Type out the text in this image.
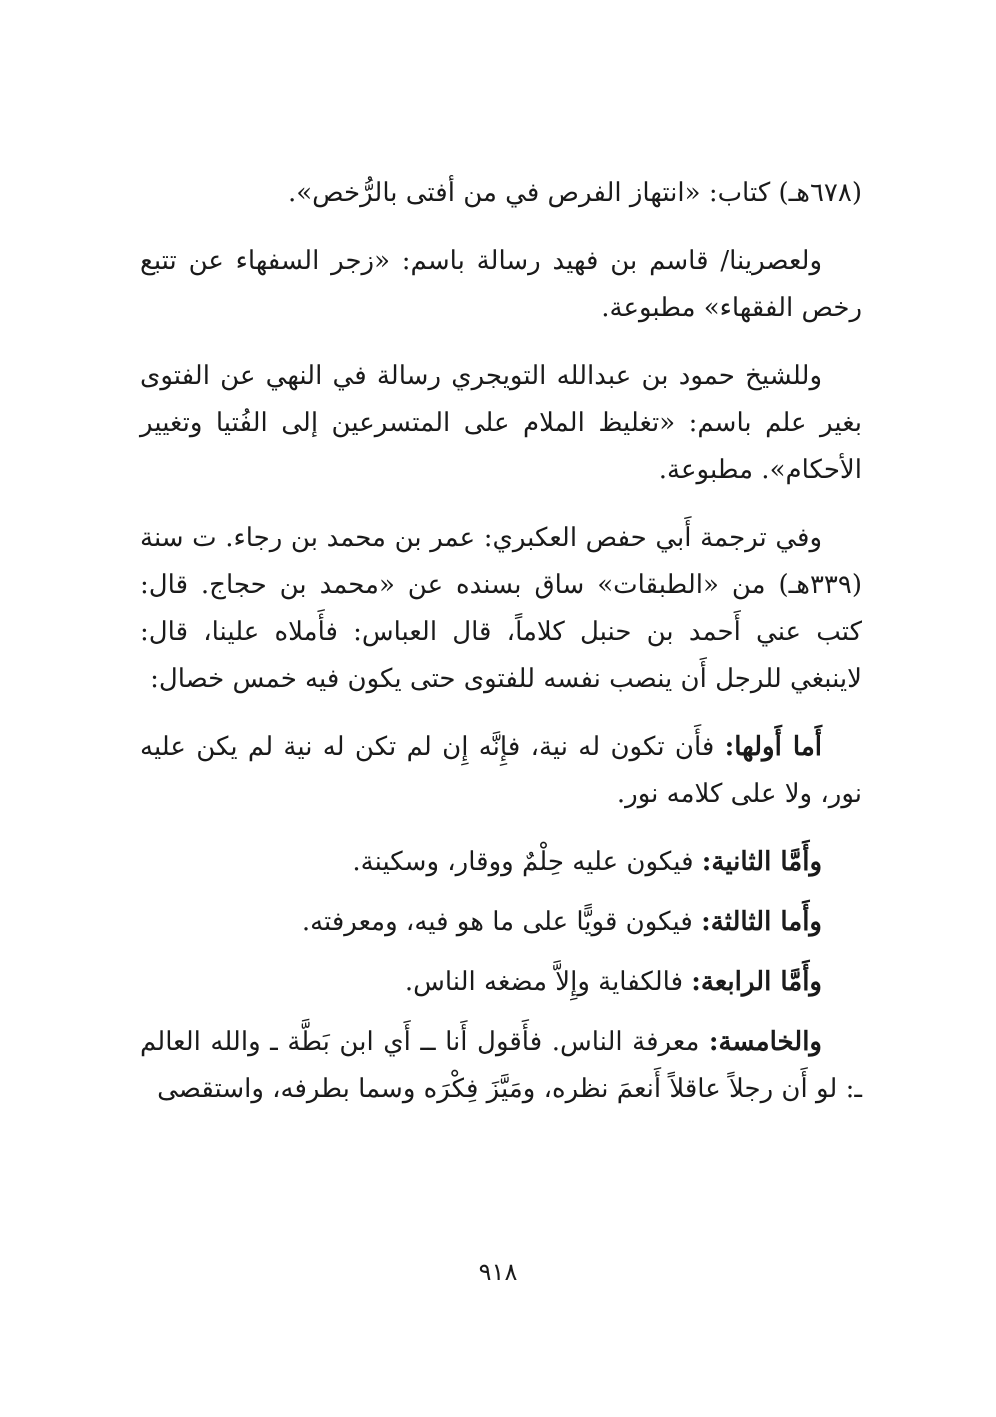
(٦٧٨هـ) كتاب: «انتهاز الفرص في من أفتى بالرُّخص».

ولعصرينا/ قاسم بن فهيد رسالة باسم: «زجر السفهاء عن تتبع رخص الفقهاء» مطبوعة.

وللشيخ حمود بن عبدالله التويجري رسالة في النهي عن الفتوى بغير علم باسم: «تغليظ الملام على المتسرعين إلى الفُتيا وتغيير الأحكام». مطبوعة.

وفي ترجمة أَبي حفص العكبري: عمر بن محمد بن رجاء. ت سنة (٣٣٩هـ) من «الطبقات» ساق بسنده عن «محمد بن حجاج. قال: كتب عني أَحمد بن حنبل كلاماً، قال العباس: فأَملاه علينا، قال: لاينبغي للرجل أَن ينصب نفسه للفتوى حتى يكون فيه خمس خصال:

أَما أَولها: فأَن تكون له نية، فإِنَّه إِن لم تكن له نية لم يكن عليه نور، ولا على كلامه نور.

وأَمَّا الثانية: فيكون عليه حِلْمٌ ووقار، وسكينة.

وأَما الثالثة: فيكون قويًّا على ما هو فيه، ومعرفته.

وأَمَّا الرابعة: فالكفاية وإِلاَّ مضغه الناس.

والخامسة: معرفة الناس. فأَقول أَنا ــ أَي ابن بَطَّة ـ والله العالم ـ: لو أَن رجلاً عاقلاً أَنعمَ نظره، ومَيَّزَ فِكْرَه وسما بطرفه، واستقصى

٩١٨
